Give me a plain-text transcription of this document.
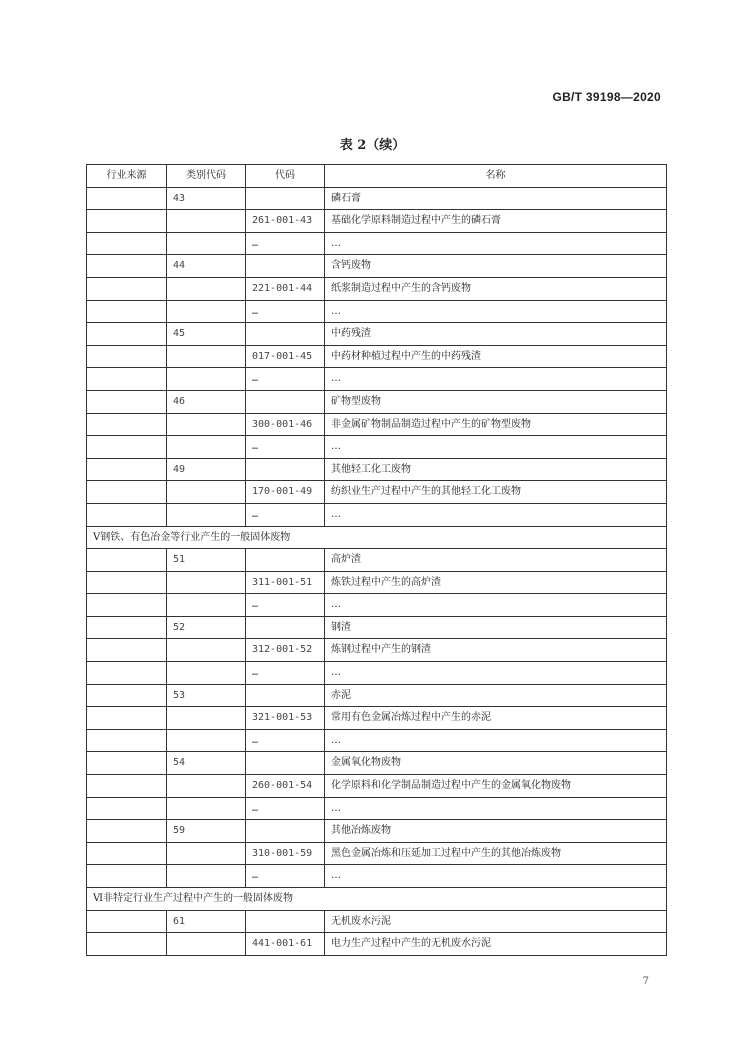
GB/T 39198—2020
表 2（续）
行业来源	类别代码	代码	名称
	43		磷石膏
		261-001-43	基础化学原料制造过程中产生的磷石膏
		…	…
	44		含钙废物
		221-001-44	纸浆制造过程中产生的含钙废物
		…	…
	45		中药残渣
		017-001-45	中药材种植过程中产生的中药残渣
		…	…
	46		矿物型废物
		300-001-46	非金属矿物制品制造过程中产生的矿物型废物
		…	…
	49		其他轻工化工废物
		170-001-49	纺织业生产过程中产生的其他轻工化工废物
		…	…
Ⅴ钢铁、有色冶金等行业产生的一般固体废物			
	51		高炉渣
		311-001-51	炼铁过程中产生的高炉渣
		…	…
	52		钢渣
		312-001-52	炼钢过程中产生的钢渣
		…	…
	53		赤泥
		321-001-53	常用有色金属冶炼过程中产生的赤泥
		…	…
	54		金属氧化物废物
		260-001-54	化学原料和化学制品制造过程中产生的金属氧化物废物
		…	…
	59		其他冶炼废物
		310-001-59	黑色金属冶炼和压延加工过程中产生的其他冶炼废物
		…	…
Ⅵ非特定行业生产过程中产生的一般固体废物			
	61		无机废水污泥
		441-001-61	电力生产过程中产生的无机废水污泥
7
